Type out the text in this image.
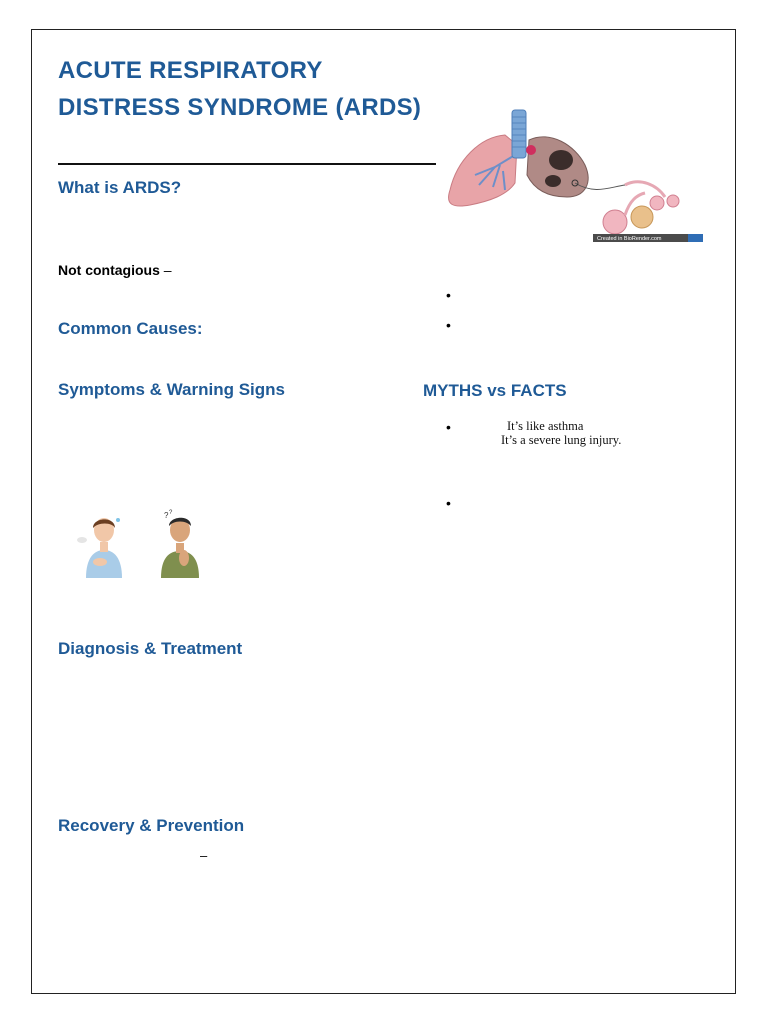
ACUTE RESPIRATORY DISTRESS SYNDROME (ARDS)
What is ARDS?
Not contagious –
Common Causes:
Symptoms & Warning Signs
Diagnosis & Treatment
Recovery & Prevention
–
MYTHS vs FACTS
•
•
•
•
It’s like asthma
It’s a severe lung injury.
Created in BioRender.com
? ?
